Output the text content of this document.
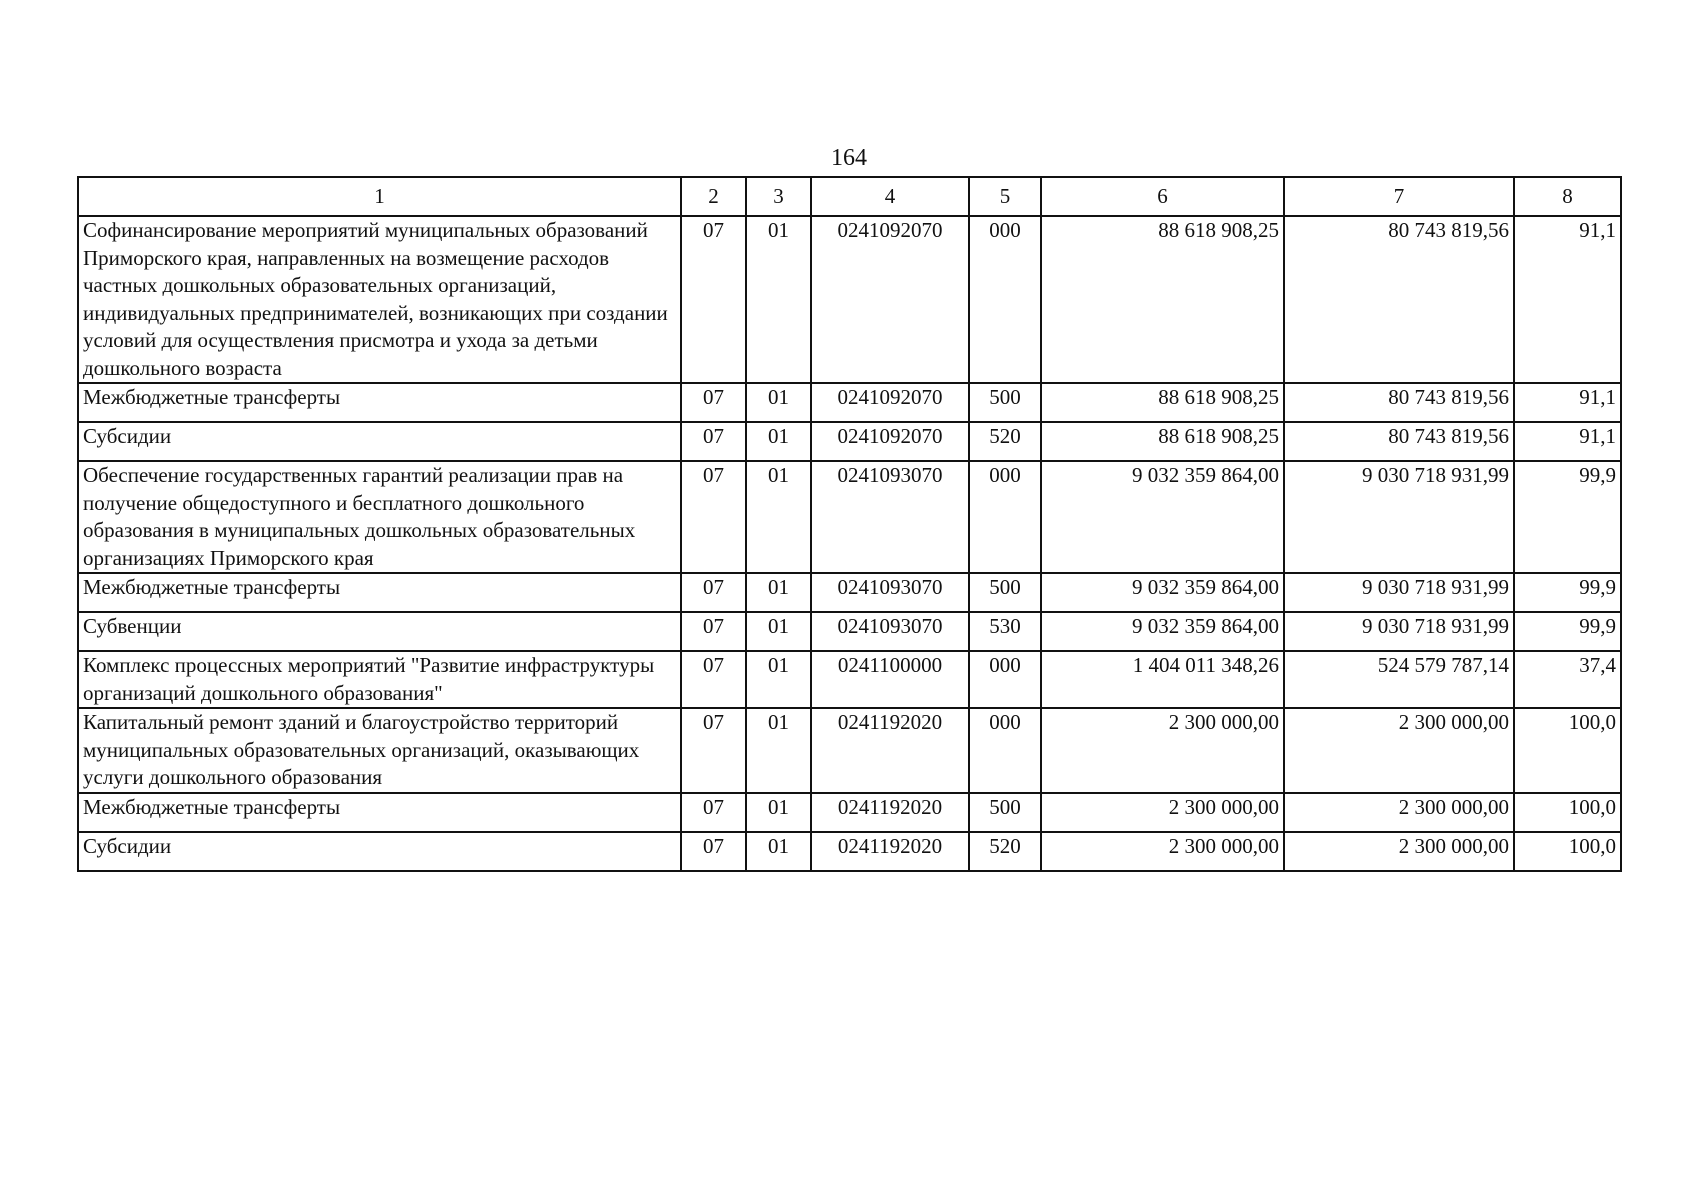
164
1	2	3	4	5	6	7	8
Софинансирование мероприятий муниципальных образований Приморского края, направленных на возмещение расходов частных дошкольных образовательных организаций, индивидуальных предпринимателей, возникающих при создании условий для осуществления присмотра и ухода за детьми дошкольного возраста	07	01	0241092070	000	88 618 908,25	80 743 819,56	91,1
Межбюджетные трансферты	07	01	0241092070	500	88 618 908,25	80 743 819,56	91,1
Субсидии	07	01	0241092070	520	88 618 908,25	80 743 819,56	91,1
Обеспечение государственных гарантий реализации прав на получение общедоступного и бесплатного дошкольного образования в муниципальных дошкольных образовательных организациях Приморского края	07	01	0241093070	000	9 032 359 864,00	9 030 718 931,99	99,9
Межбюджетные трансферты	07	01	0241093070	500	9 032 359 864,00	9 030 718 931,99	99,9
Субвенции	07	01	0241093070	530	9 032 359 864,00	9 030 718 931,99	99,9
Комплекс процессных мероприятий "Развитие инфраструктуры организаций дошкольного образования"	07	01	0241100000	000	1 404 011 348,26	524 579 787,14	37,4
Капитальный ремонт зданий и благоустройство территорий муниципальных образовательных организаций, оказывающих услуги дошкольного образования	07	01	0241192020	000	2 300 000,00	2 300 000,00	100,0
Межбюджетные трансферты	07	01	0241192020	500	2 300 000,00	2 300 000,00	100,0
Субсидии	07	01	0241192020	520	2 300 000,00	2 300 000,00	100,0
